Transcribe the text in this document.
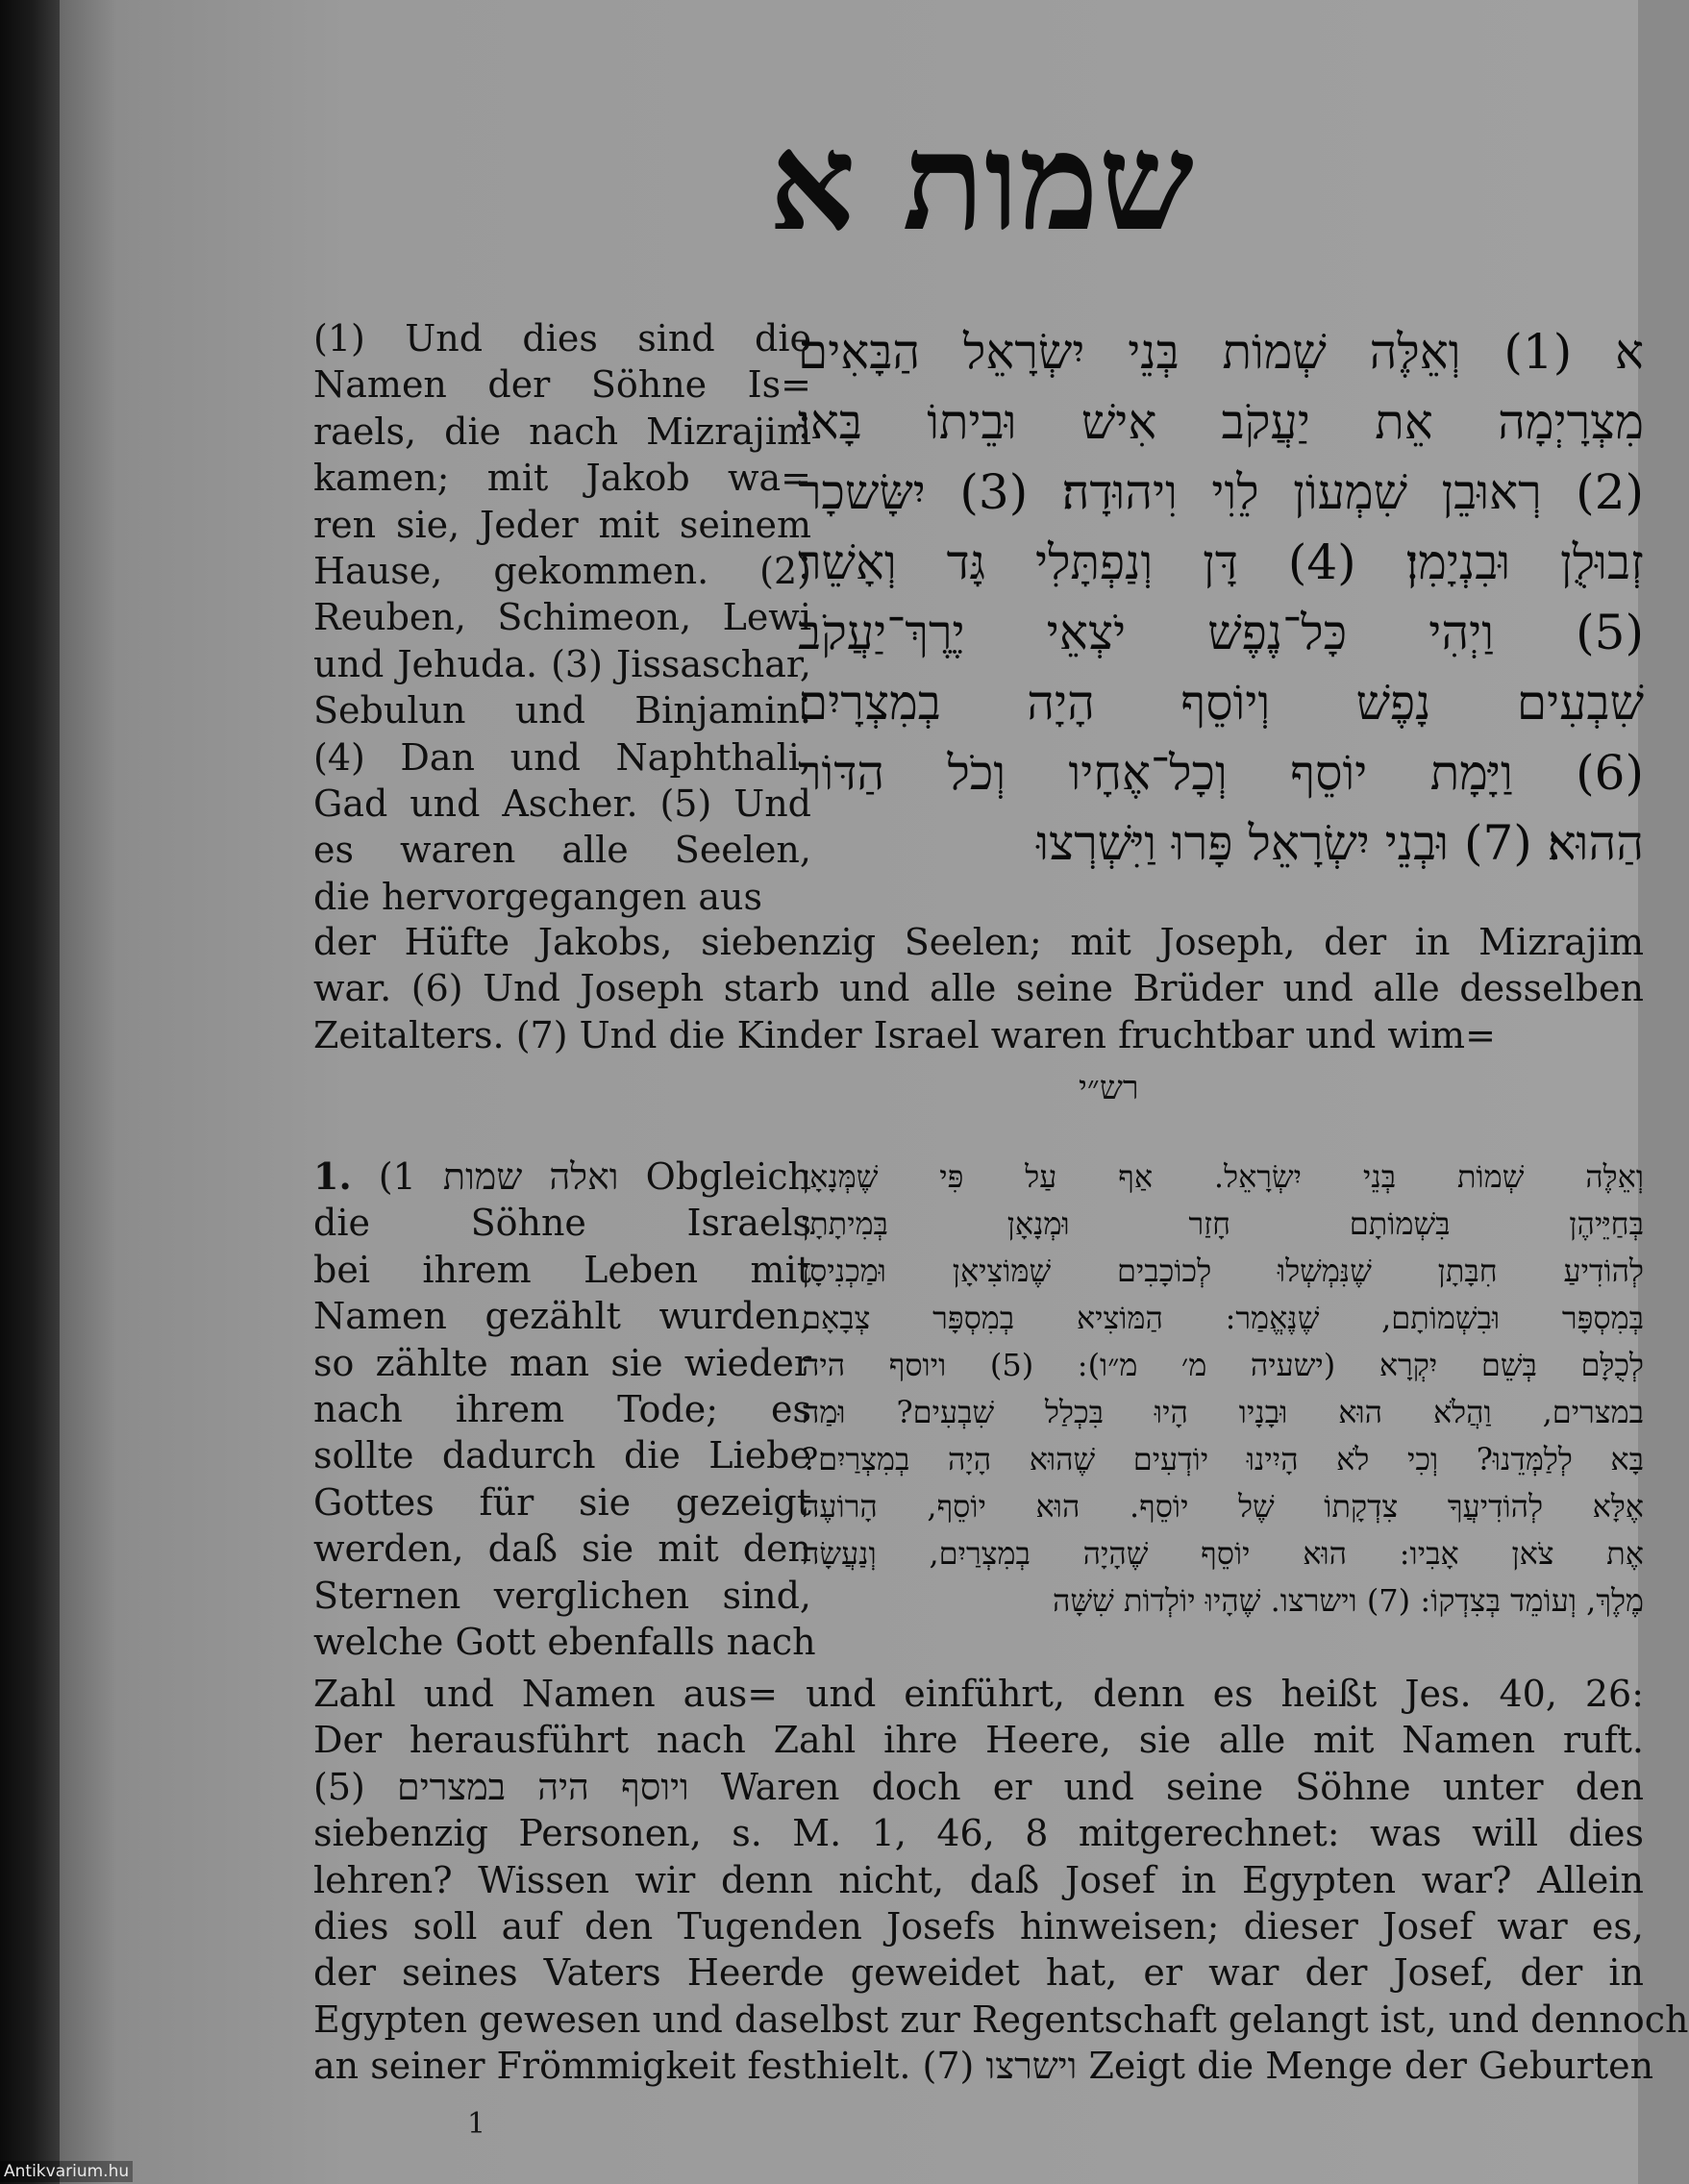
שמות א
א (1) וְאֵלֶּה שְׁמוֹת בְּנֵי יִשְׂרָאֵל הַבָּאִים
מִצְרָיְמָה אֵת יַעֲקֹב אִישׁ וּבֵיתוֹ בָּאוּ׃
(2) רְאוּבֵן שִׁמְעוֹן לֵוִי וִיהוּדָה׃ (3) יִשָּׂשכָר
זְבוּלֻן וּבִנְיָמִן׃ (4) דָּן וְנַפְתָּלִי גָּד וְאָשֵׁר׃
(5) וַיְהִי כָּל־נֶפֶשׁ יֹצְאֵי יֶרֶךְ־יַעֲקֹב
שִׁבְעִים נָפֶשׁ וְיוֹסֵף הָיָה בְמִצְרָיִם׃
(6) וַיָּמָת יוֹסֵף וְכָל־אֶחָיו וְכֹל הַדּוֹר
הַהוּא׃ (7) וּבְנֵי יִשְׂרָאֵל פָּרוּ וַיִּשְׁרְצוּ
(1) Und dies sind die
Namen der Söhne Is=
raels, die nach Mizrajim
kamen; mit Jakob wa=
ren sie, Jeder mit seinem
Hause, gekommen. (2)
Reuben, Schimeon, Lewi
und Jehuda. (3) Jissaschar,
Sebulun und Binjamin.
(4) Dan und Naphthali,
Gad und Ascher. (5) Und
es waren alle Seelen,
die hervorgegangen aus
der Hüfte Jakobs, siebenzig Seelen; mit Joseph, der in Mizrajim
war. (6) Und Joseph starb und alle seine Brüder und alle desselben
Zeitalters. (7) Und die Kinder Israel waren fruchtbar und wim=
רש״י
וְאֵלֶּה שְׁמוֹת בְּנֵי יִשְׂרָאֵל. אַף עַל פִּי שֶׁמְּנָאָן
בְּחַיֵּיהֶן בִּשְׁמוֹתָם חָזַר וּמְנָאָן בְּמִיתָתָן
לְהוֹדִיעַ חִבָּתָן שֶׁנִּמְשְׁלוּ לְכוֹכָבִים שֶׁמּוֹצִיאָן וּמַכְנִיסָן
בְּמִסְפָּר וּבִשְׁמוֹתָם, שֶׁנֶּאֱמַר: הַמּוֹצִיא בְמִסְפָּר צְבָאָם
לְכֻלָּם בְּשֵׁם יִקְרָא (ישעיה מ׳ מ״ו): (5) ויוסף היה
במצרים, וַהֲלֹא הוּא וּבָנָיו הָיוּ בִּכְלַל שִׁבְעִים? וּמַה
בָּא לְלַמְּדֵנוּ? וְכִי לֹא הָיִינוּ יוֹדְעִים שֶׁהוּא הָיָה בְמִצְרַיִם?
אֶלָּא לְהוֹדִיעֲךָ צִדְקָתוֹ שֶׁל יוֹסֵף. הוּא יוֹסֵף, הָרוֹעֶה
אֶת צֹאן אָבִיו: הוּא יוֹסֵף שֶׁהָיָה בְמִצְרַיִם, וְנַעֲשָׂה
מֶלֶךְ, וְעוֹמֵד בְּצִדְקוֹ: (7) וישרצו. שֶׁהָיוּ יוֹלְדוֹת שִׁשָּׁה
1. (1 ואלה שמות Obgleich
die Söhne Israels
bei ihrem Leben mit
Namen gezählt wurden,
so zählte man sie wieder
nach ihrem Tode; es
sollte dadurch die Liebe
Gottes für sie gezeigt
werden, daß sie mit den
Sternen verglichen sind,
welche Gott ebenfalls nach
Zahl und Namen aus= und einführt, denn es heißt Jes. 40, 26:
Der herausführt nach Zahl ihre Heere, sie alle mit Namen ruft.
(5) ויוסף היה במצרים Waren doch er und seine Söhne unter den
siebenzig Personen, s. M. 1, 46, 8 mitgerechnet: was will dies
lehren? Wissen wir denn nicht, daß Josef in Egypten war? Allein
dies soll auf den Tugenden Josefs hinweisen; dieser Josef war es,
der seines Vaters Heerde geweidet hat, er war der Josef, der in
Egypten gewesen und daselbst zur Regentschaft gelangt ist, und dennoch
an seiner Frömmigkeit festhielt. (7) וישרצו Zeigt die Menge der Geburten
1
Antikvarium.hu
